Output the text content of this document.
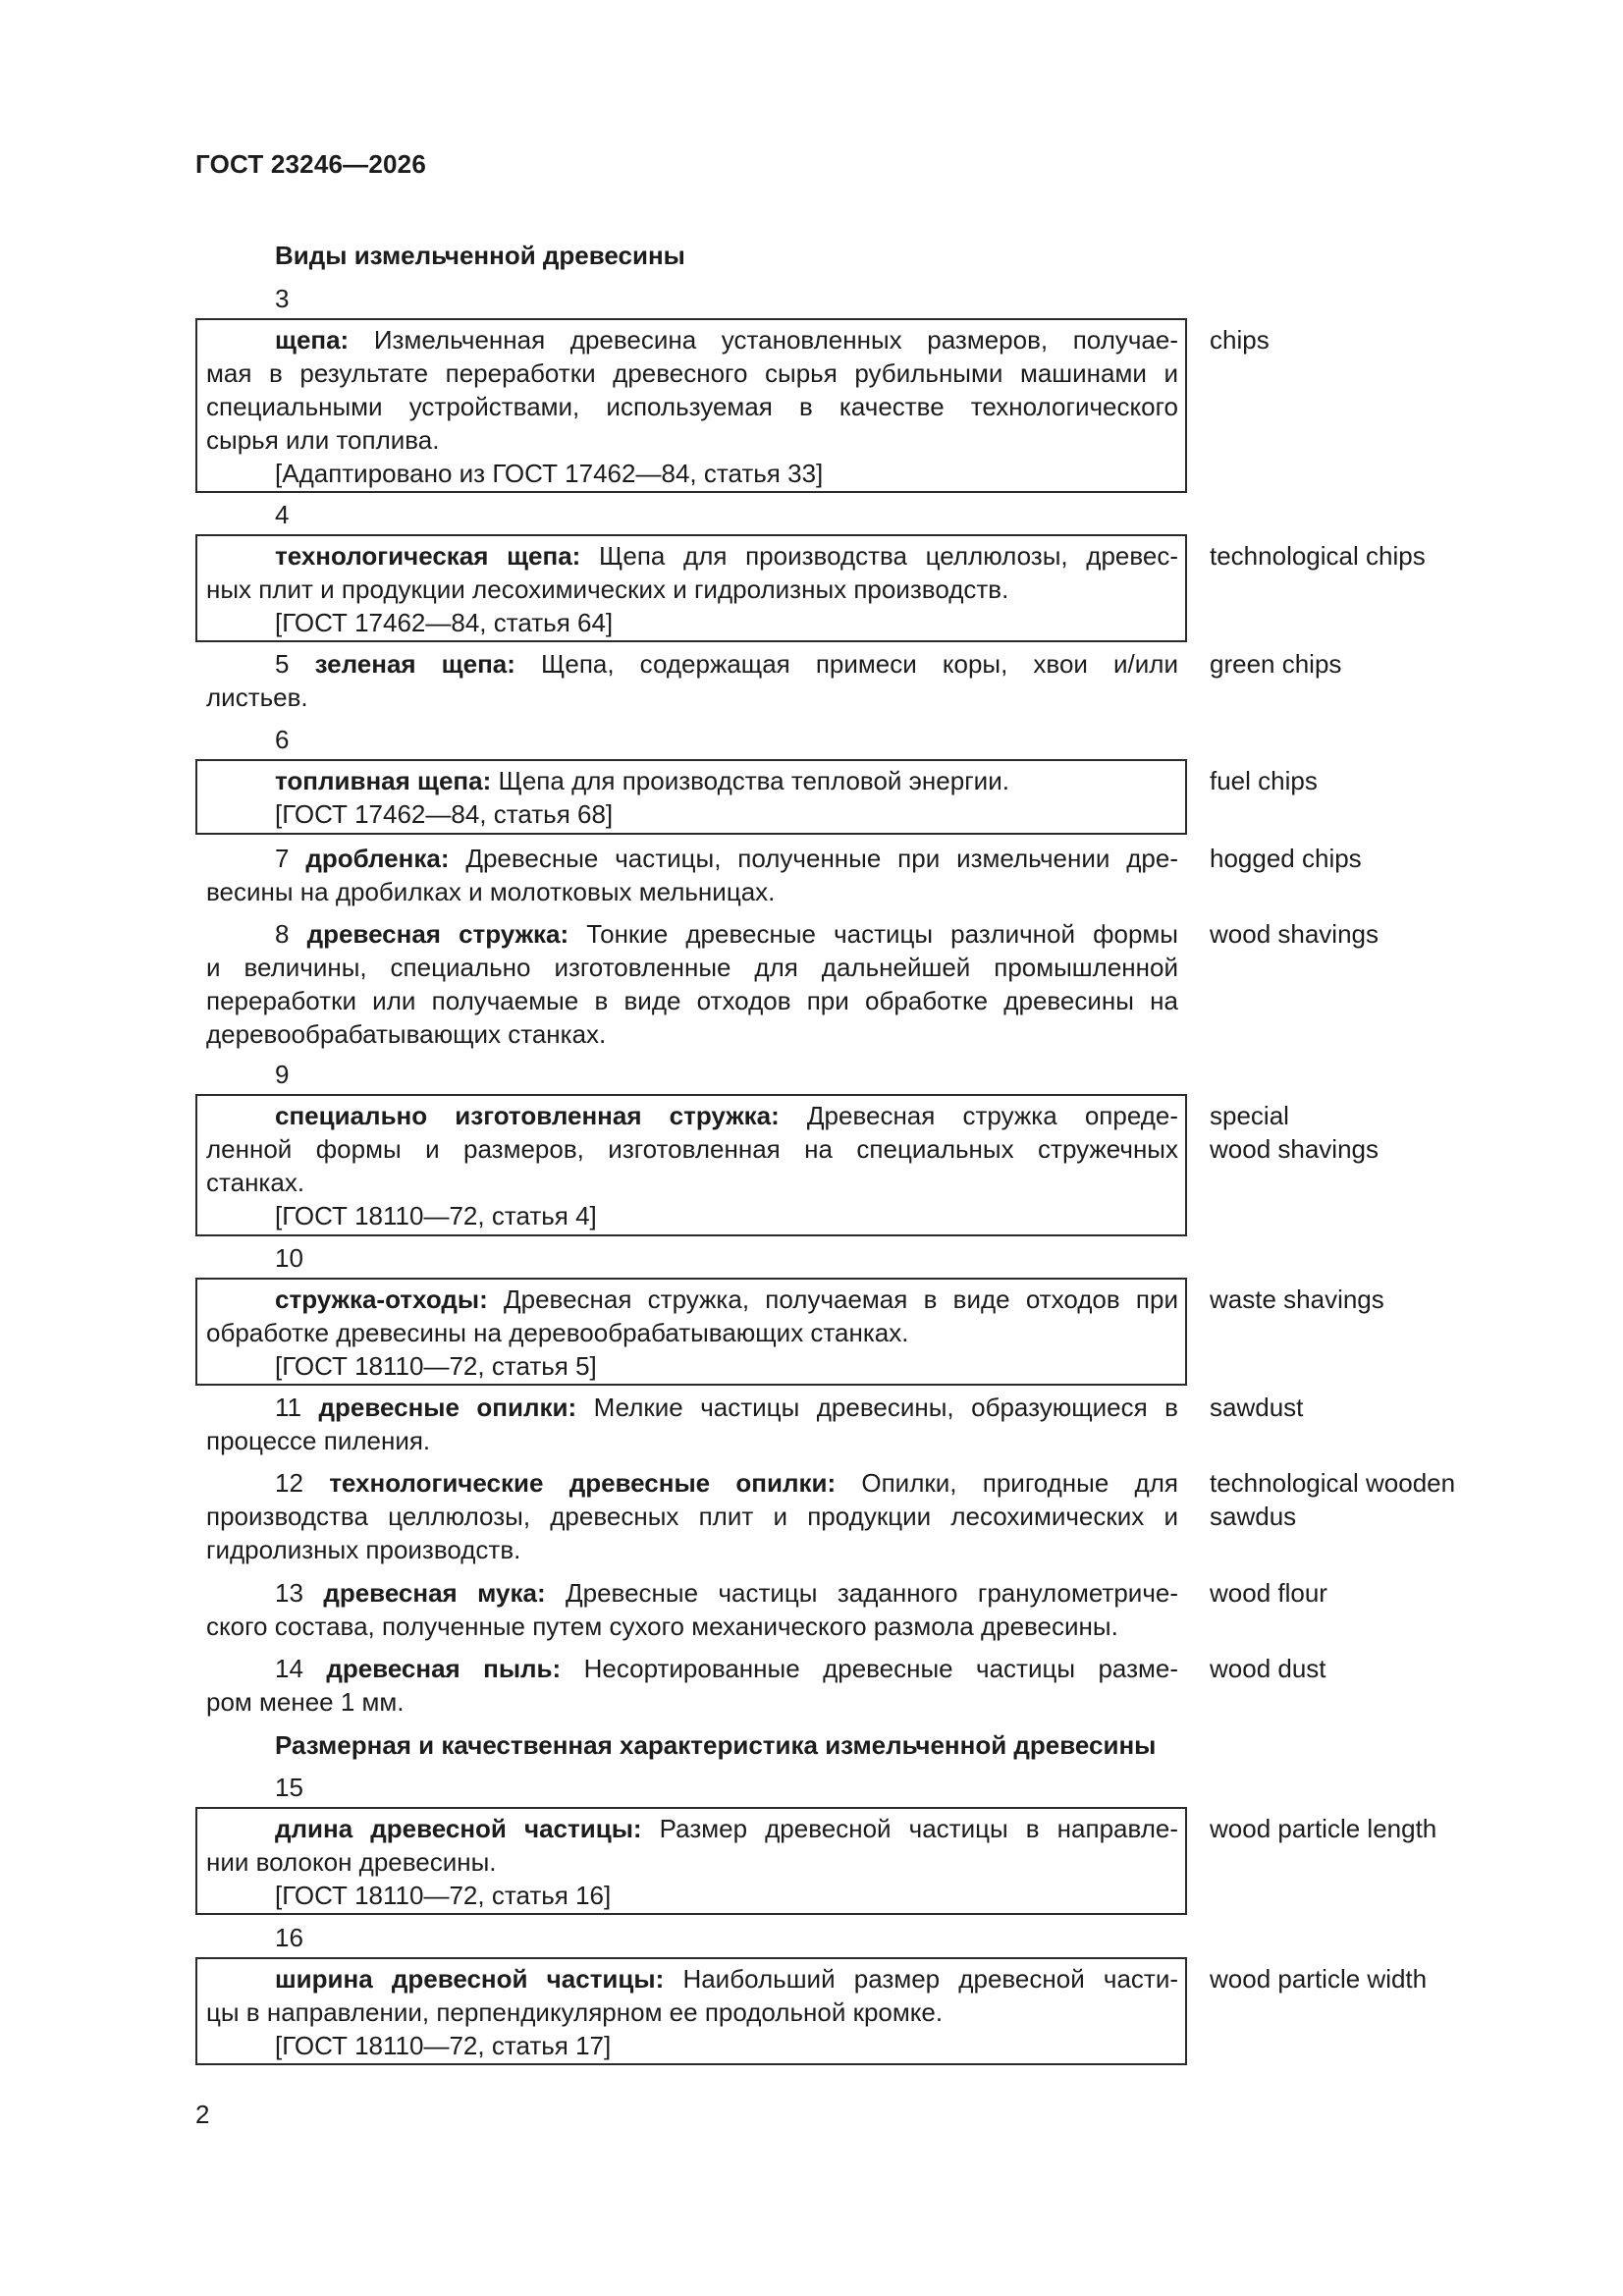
ГОСТ 23246—2026
Виды измельченной древесины
3
щепа: Измельченная древесина установленных размеров, получае-
мая в результате переработки древесного сырья рубильными машинами и
специальными устройствами, используемая в качестве технологического
сырья или топлива.
[Адаптировано из ГОСТ 17462—84, статья 33]
chips
4
технологическая щепа: Щепа для производства целлюлозы, древес-
ных плит и продукции лесохимических и гидролизных производств.
[ГОСТ 17462—84, статья 64]
technological chips
5 зеленая щепа: Щепа, содержащая примеси коры, хвои и/или
листьев.
green chips
6
топливная щепа: Щепа для производства тепловой энергии.
[ГОСТ 17462—84, статья 68]
fuel chips
7 дробленка: Древесные частицы, полученные при измельчении дре-
весины на дробилках и молотковых мельницах.
hogged chips
8 древесная стружка: Тонкие древесные частицы различной формы
и величины, специально изготовленные для дальнейшей промышленной
переработки или получаемые в виде отходов при обработке древесины на
деревообрабатывающих станках.
wood shavings
9
специально изготовленная стружка: Древесная стружка опреде-
ленной формы и размеров, изготовленная на специальных стружечных
станках.
[ГОСТ 18110—72, статья 4]
special
wood shavings
10
стружка-отходы: Древесная стружка, получаемая в виде отходов при
обработке древесины на деревообрабатывающих станках.
[ГОСТ 18110—72, статья 5]
waste shavings
11 древесные опилки: Мелкие частицы древесины, образующиеся в
процессе пиления.
sawdust
12 технологические древесные опилки: Опилки, пригодные для
производства целлюлозы, древесных плит и продукции лесохимических и
гидролизных производств.
technological wooden
sawdus
13 древесная мука: Древесные частицы заданного гранулометриче-
ского состава, полученные путем сухого механического размола древесины.
wood flour
14 древесная пыль: Несортированные древесные частицы разме-
ром менее 1 мм.
wood dust
Размерная и качественная характеристика измельченной древесины
15
длина древесной частицы: Размер древесной частицы в направле-
нии волокон древесины.
[ГОСТ 18110—72, статья 16]
wood particle length
16
ширина древесной частицы: Наибольший размер древесной части-
цы в направлении, перпендикулярном ее продольной кромке.
[ГОСТ 18110—72, статья 17]
wood particle width
2
